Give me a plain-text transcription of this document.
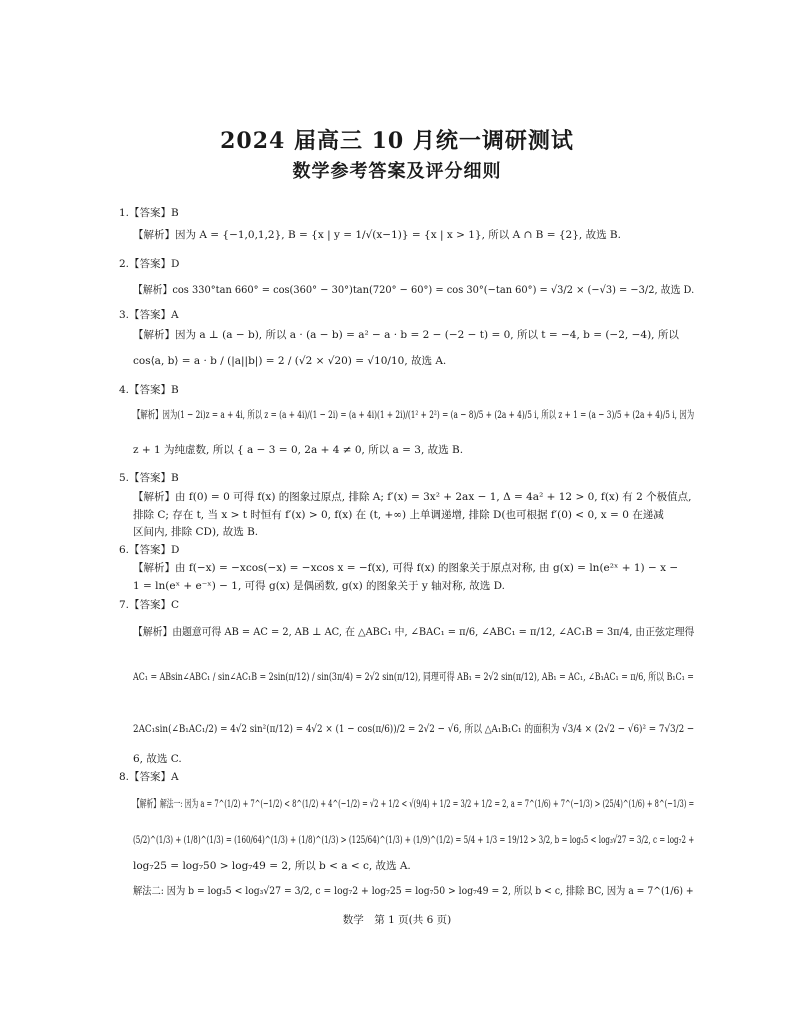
2024 届高三 10 月统一调研测试
数学参考答案及评分细则
1.【答案】B
【解析】因为 A = {−1,0,1,2}, B = {x | y = 1/√(x−1)} = {x | x > 1}, 所以 A ∩ B = {2}, 故选 B.
2.【答案】D
【解析】cos 330°tan 660° = cos(360° − 30°)tan(720° − 60°) = cos 30°(−tan 60°) = √3/2 × (−√3) = −3/2, 故选 D.
3.【答案】A
【解析】因为 a ⊥ (a − b), 所以 a · (a − b) = a² − a · b = 2 − (−2 − t) = 0, 所以 t = −4, b = (−2, −4), 所以
cos⟨a, b⟩ = a · b / (|a||b|) = 2 / (√2 × √20) = √10/10, 故选 A.
4.【答案】B
【解析】因为(1 − 2i)z = a + 4i, 所以 z = (a + 4i)/(1 − 2i) = (a + 4i)(1 + 2i)/(1² + 2²) = (a − 8)/5 + (2a + 4)/5 i, 所以 z + 1 = (a − 3)/5 + (2a + 4)/5 i, 因为
z + 1 为纯虚数, 所以 { a − 3 = 0, 2a + 4 ≠ 0, 所以 a = 3, 故选 B.
5.【答案】B
【解析】由 f(0) = 0 可得 f(x) 的图象过原点, 排除 A; f′(x) = 3x² + 2ax − 1, Δ = 4a² + 12 > 0, f(x) 有 2 个极值点,
排除 C; 存在 t, 当 x > t 时恒有 f′(x) > 0, f(x) 在 (t, +∞) 上单调递增, 排除 D(也可根据 f′(0) < 0, x = 0 在递减
区间内, 排除 CD), 故选 B.
6.【答案】D
【解析】由 f(−x) = −xcos(−x) = −xcos x = −f(x), 可得 f(x) 的图象关于原点对称, 由 g(x) = ln(e²ˣ + 1) − x −
1 = ln(eˣ + e⁻ˣ) − 1, 可得 g(x) 是偶函数, g(x) 的图象关于 y 轴对称, 故选 D.
7.【答案】C
【解析】由题意可得 AB = AC = 2, AB ⊥ AC, 在 △ABC₁ 中, ∠BAC₁ = π/6, ∠ABC₁ = π/12, ∠AC₁B = 3π/4, 由正弦定理得
AC₁ = ABsin∠ABC₁ / sin∠AC₁B = 2sin(π/12) / sin(3π/4) = 2√2 sin(π/12), 同理可得 AB₁ = 2√2 sin(π/12), AB₁ = AC₁, ∠B₁AC₁ = π/6, 所以 B₁C₁ =
2AC₁sin(∠B₁AC₁/2) = 4√2 sin²(π/12) = 4√2 × (1 − cos(π/6))/2 = 2√2 − √6, 所以 △A₁B₁C₁ 的面积为 √3/4 × (2√2 − √6)² = 7√3/2 −
6, 故选 C.
8.【答案】A
【解析】解法一: 因为 a = 7^(1/2) + 7^(−1/2) < 8^(1/2) + 4^(−1/2) = √2 + 1/2 < √(9/4) + 1/2 = 3/2 + 1/2 = 2, a = 7^(1/6) + 7^(−1/3) > (25/4)^(1/6) + 8^(−1/3) =
(5/2)^(1/3) + (1/8)^(1/3) = (160/64)^(1/3) + (1/8)^(1/3) > (125/64)^(1/3) + (1/9)^(1/2) = 5/4 + 1/3 = 19/12 > 3/2, b = log₃5 < log₃√27 = 3/2, c = log₇2 +
log₇25 = log₇50 > log₇49 = 2, 所以 b < a < c, 故选 A.
解法二: 因为 b = log₃5 < log₃√27 = 3/2, c = log₇2 + log₇25 = log₇50 > log₇49 = 2, 所以 b < c, 排除 BC, 因为 a = 7^(1/6) +
数学　第 1 页(共 6 页)
